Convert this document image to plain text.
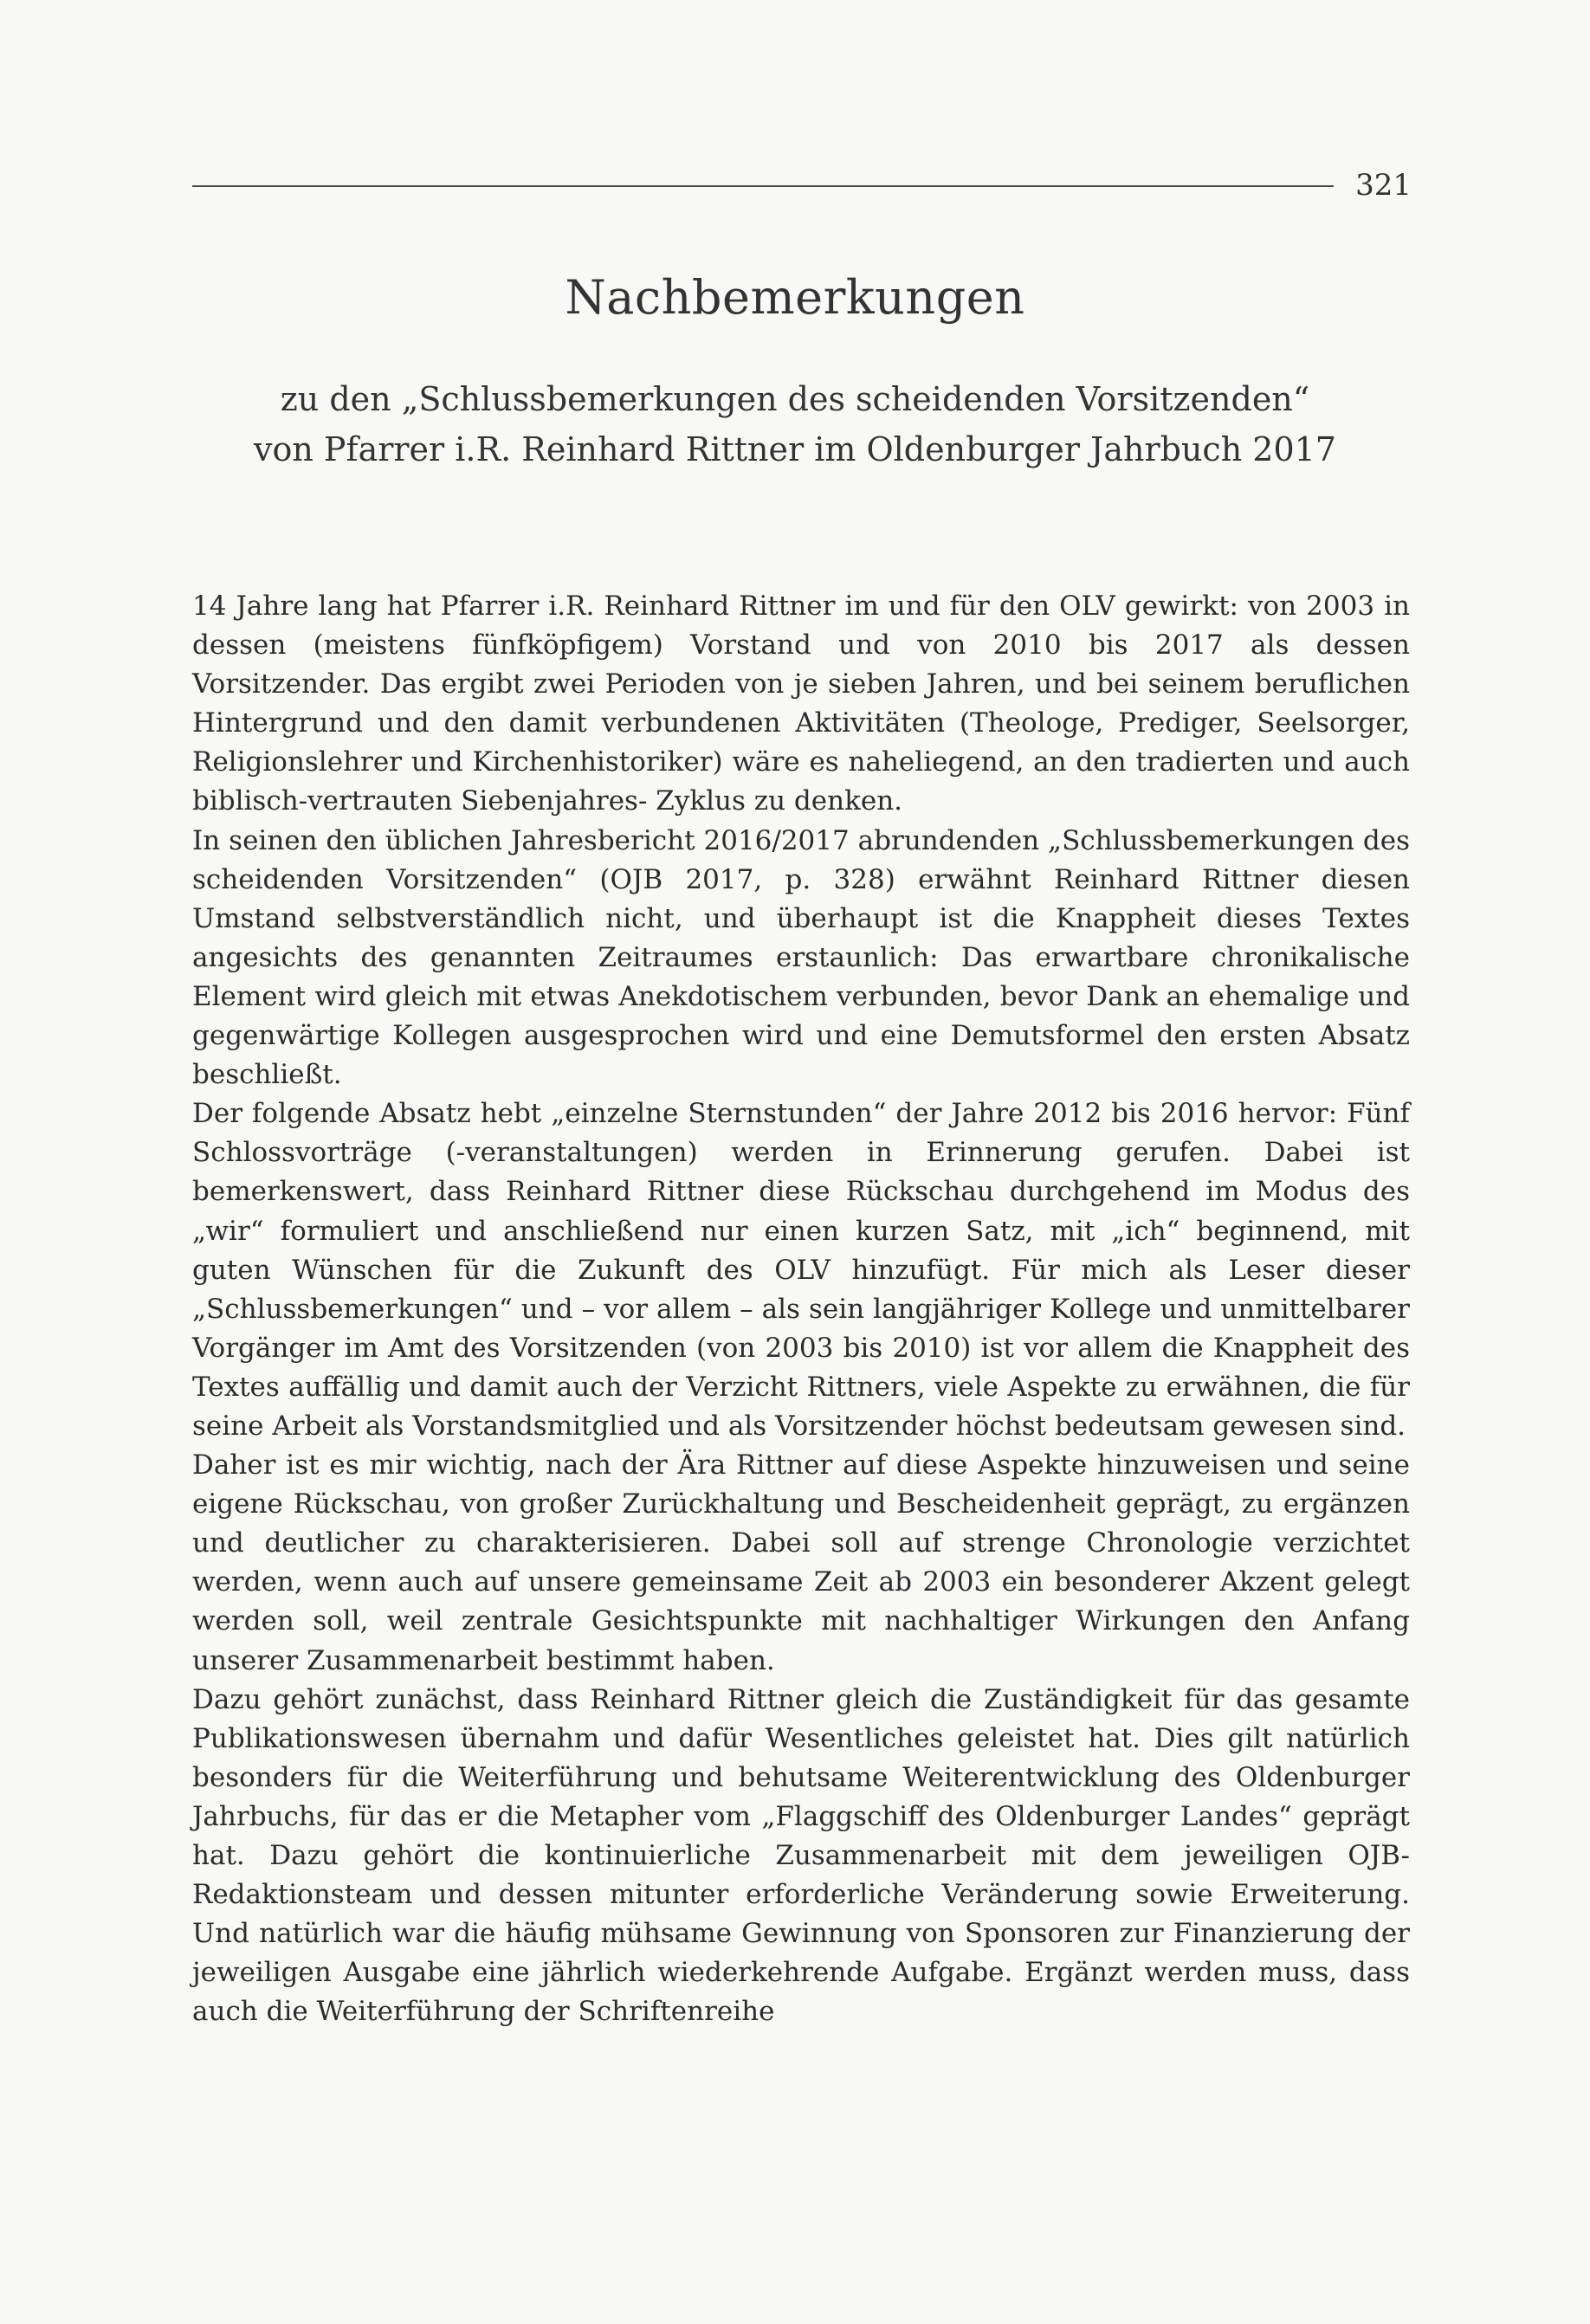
321
Nachbemerkungen
zu den „Schlussbemerkungen des scheidenden Vorsitzenden“
von Pfarrer i.R. Reinhard Rittner im Oldenburger Jahrbuch 2017

14 Jahre lang hat Pfarrer i.R. Reinhard Rittner im und für den OLV gewirkt: von 2003 in dessen (meistens fünfköpfigem) Vorstand und von 2010 bis 2017 als dessen Vorsitzender. Das ergibt zwei Perioden von je sieben Jahren, und bei seinem beruflichen Hintergrund und den damit verbundenen Aktivitäten (Theologe, Prediger, Seelsorger, Religionslehrer und Kirchenhistoriker) wäre es naheliegend, an den tradierten und auch biblisch-vertrauten Siebenjahres- Zyklus zu denken.

In seinen den üblichen Jahresbericht 2016/2017 abrundenden „Schlussbemerkungen des scheidenden Vorsitzenden“ (OJB 2017, p. 328) erwähnt Reinhard Rittner diesen Umstand selbstverständlich nicht, und überhaupt ist die Knappheit dieses Textes angesichts des genannten Zeitraumes erstaunlich: Das erwartbare chronikalische Element wird gleich mit etwas Anekdotischem verbunden, bevor Dank an ehemalige und gegenwärtige Kollegen ausgesprochen wird und eine Demutsformel den ersten Absatz beschließt.

Der folgende Absatz hebt „einzelne Sternstunden“ der Jahre 2012 bis 2016 hervor: Fünf Schlossvorträge (-veranstaltungen) werden in Erinnerung gerufen. Dabei ist bemerkenswert, dass Reinhard Rittner diese Rückschau durchgehend im Modus des „wir“ formuliert und anschließend nur einen kurzen Satz, mit „ich“ beginnend, mit guten Wünschen für die Zukunft des OLV hinzufügt. Für mich als Leser dieser „Schlussbemerkungen“ und – vor allem – als sein langjähriger Kollege und unmittelbarer Vorgänger im Amt des Vorsitzenden (von 2003 bis 2010) ist vor allem die Knappheit des Textes auffällig und damit auch der Verzicht Rittners, viele Aspekte zu erwähnen, die für seine Arbeit als Vorstandsmitglied und als Vorsitzender höchst bedeutsam gewesen sind.

Daher ist es mir wichtig, nach der Ära Rittner auf diese Aspekte hinzuweisen und seine eigene Rückschau, von großer Zurückhaltung und Bescheidenheit geprägt, zu ergänzen und deutlicher zu charakterisieren. Dabei soll auf strenge Chronologie verzichtet werden, wenn auch auf unsere gemeinsame Zeit ab 2003 ein besonderer Akzent gelegt werden soll, weil zentrale Gesichtspunkte mit nachhaltiger Wirkungen den Anfang unserer Zusammenarbeit bestimmt haben.

Dazu gehört zunächst, dass Reinhard Rittner gleich die Zuständigkeit für das gesamte Publikationswesen übernahm und dafür Wesentliches geleistet hat. Dies gilt natürlich besonders für die Weiterführung und behutsame Weiterentwicklung des Oldenburger Jahrbuchs, für das er die Metapher vom „Flaggschiff des Oldenburger Landes“ geprägt hat. Dazu gehört die kontinuierliche Zusammenarbeit mit dem jeweiligen OJB-Redaktionsteam und dessen mitunter erforderliche Veränderung sowie Erweiterung. Und natürlich war die häufig mühsame Gewinnung von Sponsoren zur Finanzierung der jeweiligen Ausgabe eine jährlich wiederkehrende Aufgabe. Ergänzt werden muss, dass auch die Weiterführung der Schriftenreihe
